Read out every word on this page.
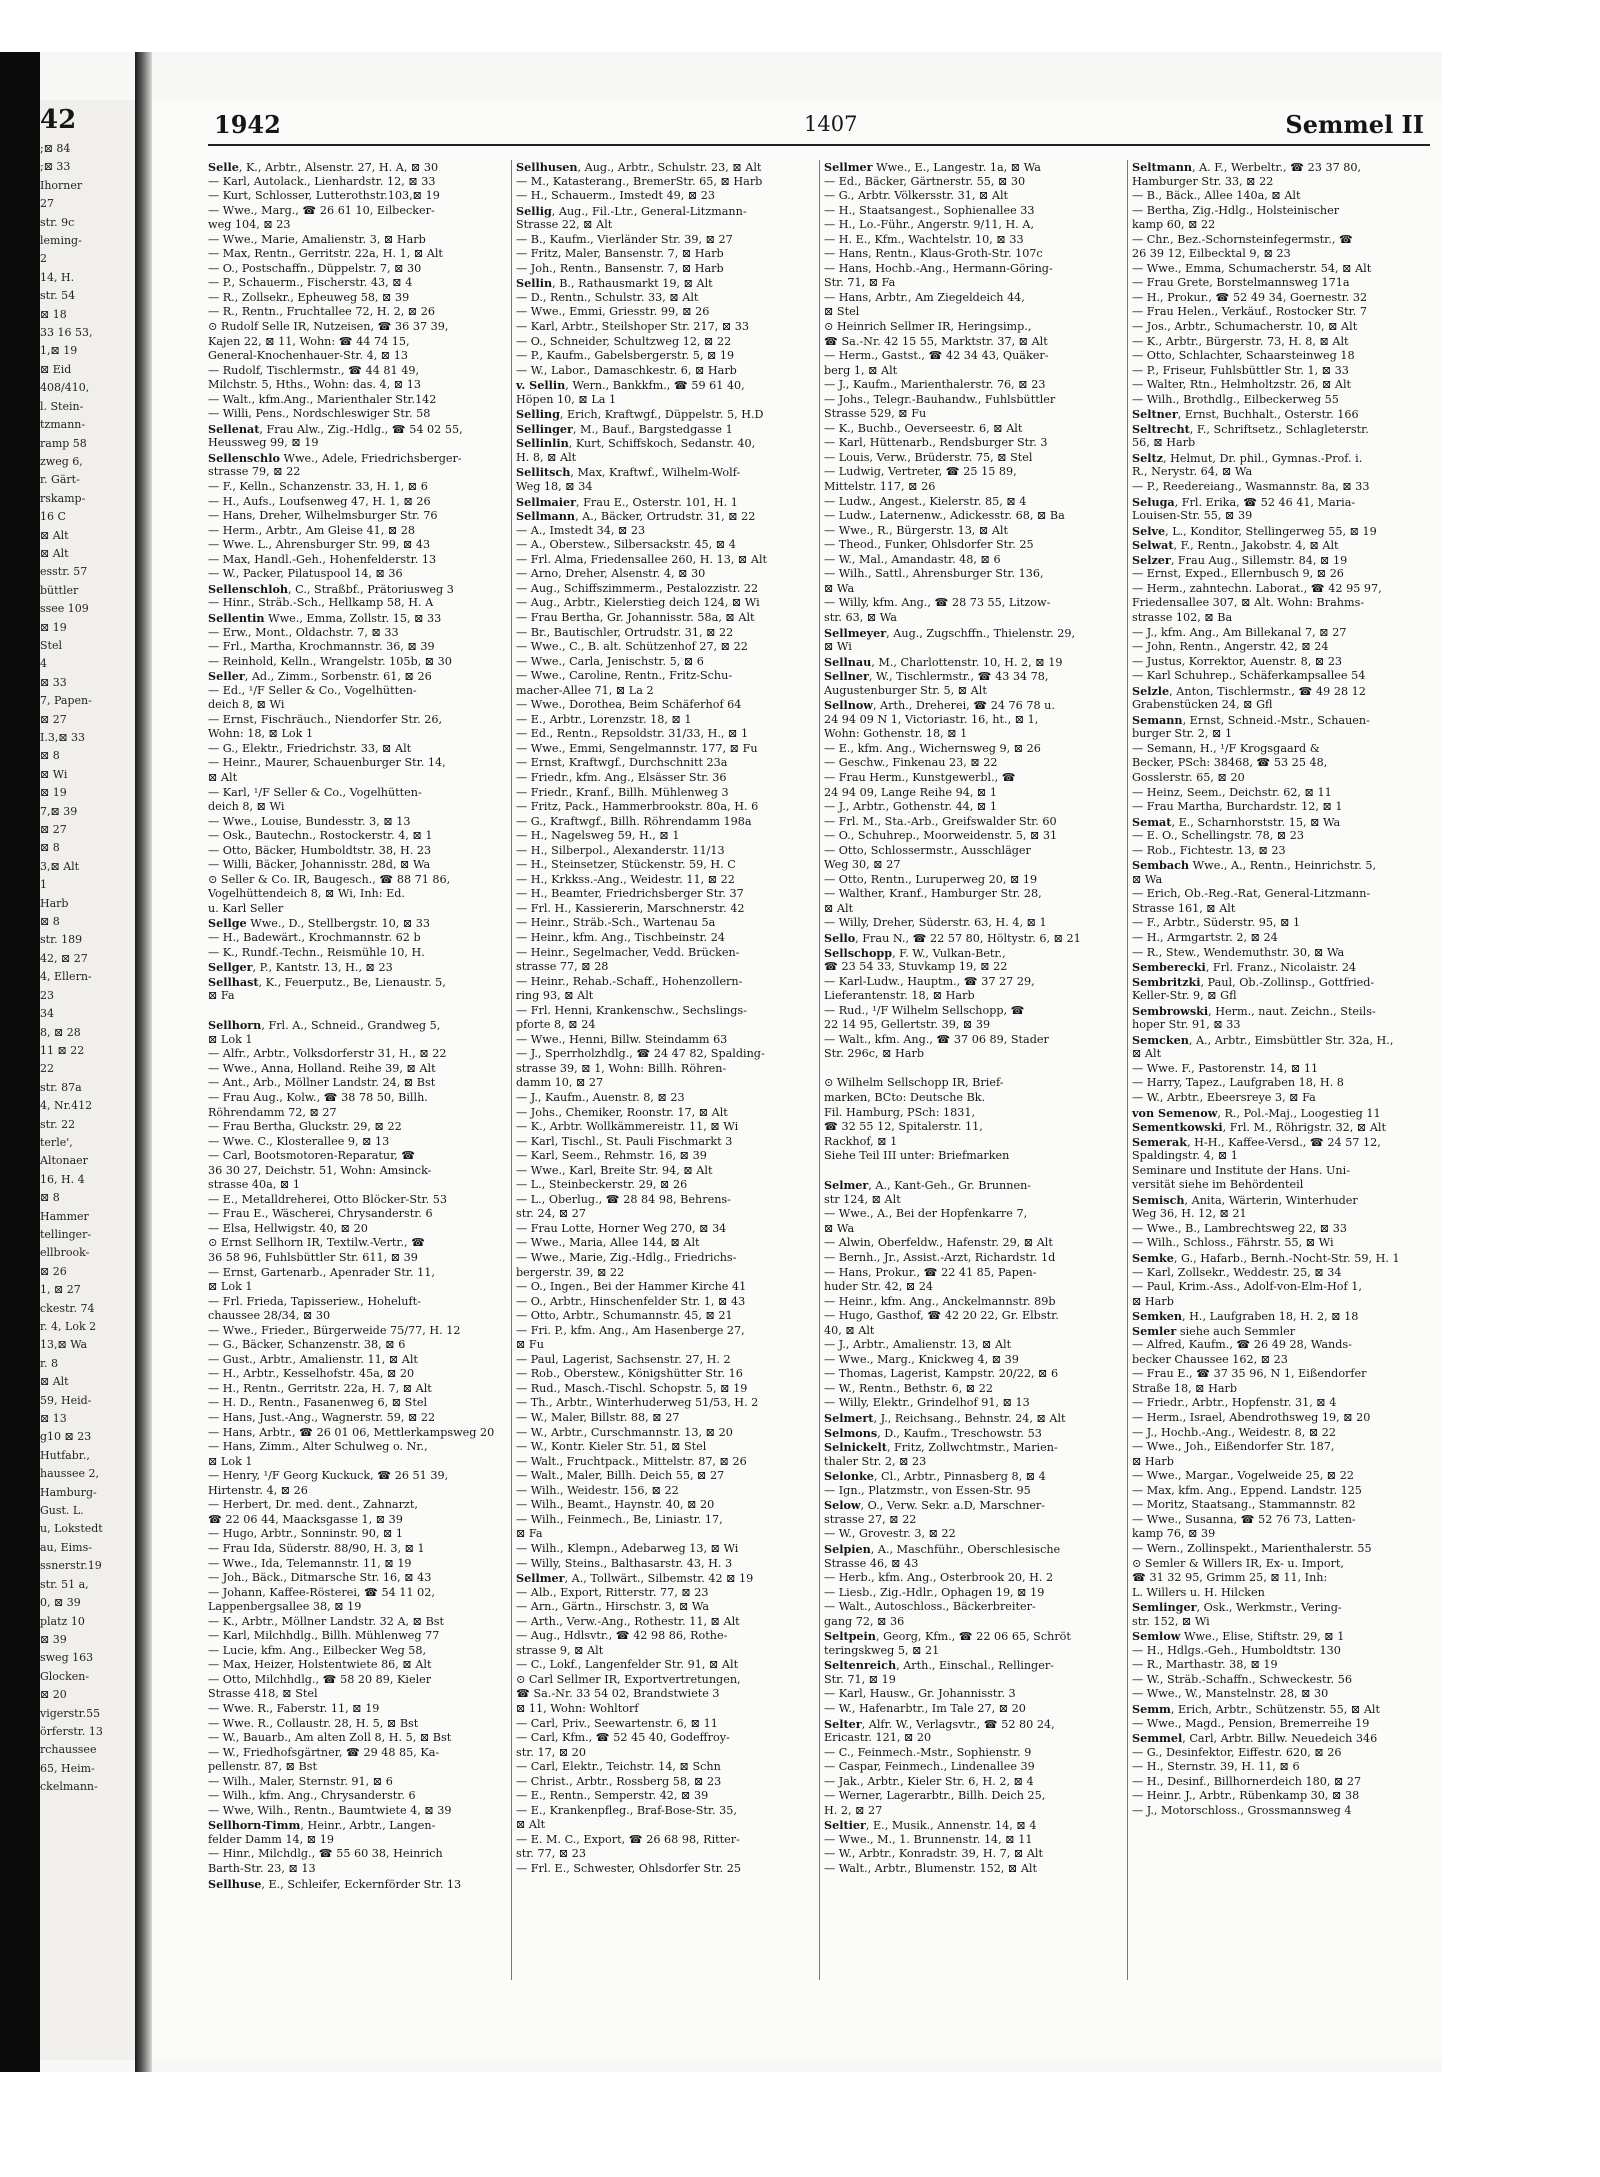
42
;⊠ 84
;⊠ 33
Ihorner
27
str. 9c
leming-
2
14, H.
str. 54
⊠ 18
33 16 53,
1,⊠ 19
⊠ Eid
408/410,
l. Stein-
tzmann-
ramp 58
zweg 6,
r. Gärt-
rskamp-
16 C
⊠ Alt
⊠ Alt
esstr. 57
büttler
ssee 109
⊠ 19
Stel
4
⊠ 33
7, Papen-
⊠ 27
I.3,⊠ 33
⊠ 8
⊠ Wi
⊠ 19
7,⊠ 39
⊠ 27
⊠ 8
3,⊠ Alt
1
Harb
⊠ 8
str. 189
42, ⊠ 27
4, Ellern-
23
34
8, ⊠ 28
11 ⊠ 22
22
str. 87a
4, Nr.412
str. 22
terle',
Altonaer
16, H. 4
⊠ 8
Hammer
tellinger-
ellbrook-
⊠ 26
1, ⊠ 27
ckestr. 74
r. 4, Lok 2
13,⊠ Wa
r. 8
⊠ Alt
59, Heid-
⊠ 13
g10 ⊠ 23
Hutfabr.,
haussee 2,
Hamburg-
Gust. L.
u, Lokstedt
au, Eims-
ssnerstr.19
str. 51 a,
0, ⊠ 39
platz 10
⊠ 39
sweg 163
Glocken-
⊠ 20
vigerstr.55
örferstr. 13
rchaussee
65, Heim-
ckelmann-
1942	1407	Semmel II
Selle, K., Arbtr., Alsenstr. 27, H. A, ⊠ 30
— Karl, Autolack., Lienhardstr. 12, ⊠ 33
— Kurt, Schlosser, Lutterothstr.103,⊠ 19
— Wwe., Marg., ☎ 26 61 10, Eilbecker-
weg 104, ⊠ 23
— Wwe., Marie, Amalienstr. 3, ⊠ Harb
— Max, Rentn., Gerritstr. 22a, H. 1, ⊠ Alt
— O., Postschaffn., Düppelstr. 7, ⊠ 30
— P., Schauerm., Fischerstr. 43, ⊠ 4
— R., Zollsekr., Epheuweg 58, ⊠ 39
— R., Rentn., Fruchtallee 72, H. 2, ⊠ 26
⊙ Rudolf Selle IR, Nutzeisen, ☎ 36 37 39,
Kajen 22, ⊠ 11, Wohn: ☎ 44 74 15,
General-Knochenhauer-Str. 4, ⊠ 13
— Rudolf, Tischlermstr., ☎ 44 81 49,
Milchstr. 5, Hths., Wohn: das. 4, ⊠ 13
— Walt., kfm.Ang., Marienthaler Str.142
— Willi, Pens., Nordschleswiger Str. 58
Sellenat, Frau Alw., Zig.-Hdlg., ☎ 54 02 55,
Heussweg 99, ⊠ 19
Sellenschlo Wwe., Adele, Friedrichsberger-
strasse 79, ⊠ 22
— F., Kelln., Schanzenstr. 33, H. 1, ⊠ 6
— H., Aufs., Loufsenweg 47, H. 1, ⊠ 26
— Hans, Dreher, Wilhelmsburger Str. 76
— Herm., Arbtr., Am Gleise 41, ⊠ 28
— Wwe. L., Ahrensburger Str. 99, ⊠ 43
— Max, Handl.-Geh., Hohenfelderstr. 13
— W., Packer, Pilatuspool 14, ⊠ 36
Sellenschloh, C., Straßbf., Prätoriusweg 3
— Hinr., Sträb.-Sch., Hellkamp 58, H. A
Sellentin Wwe., Emma, Zollstr. 15, ⊠ 33
— Erw., Mont., Oldachstr. 7, ⊠ 33
— Frl., Martha, Krochmannstr. 36, ⊠ 39
— Reinhold, Kelln., Wrangelstr. 105b, ⊠ 30
Seller, Ad., Zimm., Sorbenstr. 61, ⊠ 26
— Ed., ¹/F Seller & Co., Vogelhütten-
deich 8, ⊠ Wi
— Ernst, Fischräuch., Niendorfer Str. 26,
Wohn: 18, ⊠ Lok 1
— G., Elektr., Friedrichstr. 33, ⊠ Alt
— Heinr., Maurer, Schauenburger Str. 14,
⊠ Alt
— Karl, ¹/F Seller & Co., Vogelhütten-
deich 8, ⊠ Wi
— Wwe., Louise, Bundesstr. 3, ⊠ 13
— Osk., Bautechn., Rostockerstr. 4, ⊠ 1
— Otto, Bäcker, Humboldtstr. 38, H. 23
— Willi, Bäcker, Johannisstr. 28d, ⊠ Wa
⊙ Seller & Co. IR, Baugesch., ☎ 88 71 86,
Vogelhüttendeich 8, ⊠ Wi, Inh: Ed.
u. Karl Seller
Sellge Wwe., D., Stellbergstr. 10, ⊠ 33
— H., Badewärt., Krochmannstr. 62 b
— K., Rundf.-Techn., Reismühle 10, H.
Sellger, P., Kantstr. 13, H., ⊠ 23
Sellhast, K., Feuerputz., Be, Lienaustr. 5,
⊠ Fa
Sellhorn, Frl. A., Schneid., Grandweg 5,
⊠ Lok 1
— Alfr., Arbtr., Volksdorferstr 31, H., ⊠ 22
— Wwe., Anna, Holland. Reihe 39, ⊠ Alt
— Ant., Arb., Möllner Landstr. 24, ⊠ Bst
— Frau Aug., Kolw., ☎ 38 78 50, Billh.
Röhrendamm 72, ⊠ 27
— Frau Bertha, Gluckstr. 29, ⊠ 22
— Wwe. C., Klosterallee 9, ⊠ 13
— Carl, Bootsmotoren-Reparatur, ☎
36 30 27, Deichstr. 51, Wohn: Amsinck-
strasse 40a, ⊠ 1
— E., Metalldreherei, Otto Blöcker-Str. 53
— Frau E., Wäscherei, Chrysanderstr. 6
— Elsa, Hellwigstr. 40, ⊠ 20
⊙ Ernst Sellhorn IR, Textilw.-Vertr., ☎
36 58 96, Fuhlsbüttler Str. 611, ⊠ 39
— Ernst, Gartenarb., Apenrader Str. 11,
⊠ Lok 1
— Frl. Frieda, Tapisseriew., Hoheluft-
chaussee 28/34, ⊠ 30
— Wwe., Frieder., Bürgerweide 75/77, H. 12
— G., Bäcker, Schanzenstr. 38, ⊠ 6
— Gust., Arbtr., Amalienstr. 11, ⊠ Alt
— H., Arbtr., Kesselhofstr. 45a, ⊠ 20
— H., Rentn., Gerritstr. 22a, H. 7, ⊠ Alt
— H. D., Rentn., Fasanenweg 6, ⊠ Stel
— Hans, Just.-Ang., Wagnerstr. 59, ⊠ 22
— Hans, Arbtr., ☎ 26 01 06, Mettlerkampsweg 20
— Hans, Zimm., Alter Schulweg o. Nr.,
⊠ Lok 1
— Henry, ¹/F Georg Kuckuck, ☎ 26 51 39,
Hirtenstr. 4, ⊠ 26
— Herbert, Dr. med. dent., Zahnarzt,
☎ 22 06 44, Maacksgasse 1, ⊠ 39
— Hugo, Arbtr., Sonninstr. 90, ⊠ 1
— Frau Ida, Süderstr. 88/90, H. 3, ⊠ 1
— Wwe., Ida, Telemannstr. 11, ⊠ 19
— Joh., Bäck., Ditmarsche Str. 16, ⊠ 43
— Johann, Kaffee-Rösterei, ☎ 54 11 02,
Lappenbergsallee 38, ⊠ 19
— K., Arbtr., Möllner Landstr. 32 A, ⊠ Bst
— Karl, Milchhdlg., Billh. Mühlenweg 77
— Lucie, kfm. Ang., Eilbecker Weg 58,
— Max, Heizer, Holstentwiete 86, ⊠ Alt
— Otto, Milchhdlg., ☎ 58 20 89, Kieler
Strasse 418, ⊠ Stel
— Wwe. R., Faberstr. 11, ⊠ 19
— Wwe. R., Collaustr. 28, H. 5, ⊠ Bst
— W., Bauarb., Am alten Zoll 8, H. 5, ⊠ Bst
— W., Friedhofsgärtner, ☎ 29 48 85, Ka-
pellenstr. 87, ⊠ Bst
— Wilh., Maler, Sternstr. 91, ⊠ 6
— Wilh., kfm. Ang., Chrysanderstr. 6
— Wwe, Wilh., Rentn., Baumtwiete 4, ⊠ 39
Sellhorn-Timm, Heinr., Arbtr., Langen-
felder Damm 14, ⊠ 19
— Hinr., Milchdlg., ☎ 55 60 38, Heinrich
Barth-Str. 23, ⊠ 13
Sellhuse, E., Schleifer, Eckernförder Str. 13
Sellhusen, Aug., Arbtr., Schulstr. 23, ⊠ Alt
— M., Katasterang., BremerStr. 65, ⊠ Harb
— H., Schauerm., Imstedt 49, ⊠ 23
Sellig, Aug., Fil.-Ltr., General-Litzmann-
Strasse 22, ⊠ Alt
— B., Kaufm., Vierländer Str. 39, ⊠ 27
— Fritz, Maler, Bansenstr. 7, ⊠ Harb
— Joh., Rentn., Bansenstr. 7, ⊠ Harb
Sellin, B., Rathausmarkt 19, ⊠ Alt
— D., Rentn., Schulstr. 33, ⊠ Alt
— Wwe., Emmi, Griesstr. 99, ⊠ 26
— Karl, Arbtr., Steilshoper Str. 217, ⊠ 33
— O., Schneider, Schultzweg 12, ⊠ 22
— P., Kaufm., Gabelsbergerstr. 5, ⊠ 19
— W., Labor., Damaschkestr. 6, ⊠ Harb
v. Sellin, Wern., Bankkfm., ☎ 59 61 40,
Höpen 10, ⊠ La 1
Selling, Erich, Kraftwgf., Düppelstr. 5, H.D
Sellinger, M., Bauf., Bargstedgasse 1
Sellinlin, Kurt, Schiffskoch, Sedanstr. 40,
H. 8, ⊠ Alt
Sellitsch, Max, Kraftwf., Wilhelm-Wolf-
Weg 18, ⊠ 34
Sellmaier, Frau E., Osterstr. 101, H. 1
Sellmann, A., Bäcker, Ortrudstr. 31, ⊠ 22
— A., Imstedt 34, ⊠ 23
— A., Oberstew., Silbersackstr. 45, ⊠ 4
— Frl. Alma, Friedensallee 260, H. 13, ⊠ Alt
— Arno, Dreher, Alsenstr. 4, ⊠ 30
— Aug., Schiffszimmerm., Pestalozzistr. 22
— Aug., Arbtr., Kielerstieg deich 124, ⊠ Wi
— Frau Bertha, Gr. Johannisstr. 58a, ⊠ Alt
— Br., Bautischler, Ortrudstr. 31, ⊠ 22
— Wwe., C., B. alt. Schützenhof 27, ⊠ 22
— Wwe., Carla, Jenischstr. 5, ⊠ 6
— Wwe., Caroline, Rentn., Fritz-Schu-
macher-Allee 71, ⊠ La 2
— Wwe., Dorothea, Beim Schäferhof 64
— E., Arbtr., Lorenzstr. 18, ⊠ 1
— Ed., Rentn., Repsoldstr. 31/33, H., ⊠ 1
— Wwe., Emmi, Sengelmannstr. 177, ⊠ Fu
— Ernst, Kraftwgf., Durchschnitt 23a
— Friedr., kfm. Ang., Elsässer Str. 36
— Friedr., Kranf., Billh. Mühlenweg 3
— Fritz, Pack., Hammerbrookstr. 80a, H. 6
— G., Kraftwgf., Billh. Röhrendamm 198a
— H., Nagelsweg 59, H., ⊠ 1
— H., Silberpol., Alexanderstr. 11/13
— H., Steinsetzer, Stückenstr. 59, H. C
— H., Krkkss.-Ang., Weidestr. 11, ⊠ 22
— H., Beamter, Friedrichsberger Str. 37
— Frl. H., Kassiererin, Marschnerstr. 42
— Heinr., Sträb.-Sch., Wartenau 5a
— Heinr., kfm. Ang., Tischbeinstr. 24
— Heinr., Segelmacher, Vedd. Brücken-
strasse 77, ⊠ 28
— Heinr., Rehab.-Schaff., Hohenzollern-
ring 93, ⊠ Alt
— Frl. Henni, Krankenschw., Sechslings-
pforte 8, ⊠ 24
— Wwe., Henni, Billw. Steindamm 63
— J., Sperrholzhdlg., ☎ 24 47 82, Spalding-
strasse 39, ⊠ 1, Wohn: Billh. Röhren-
damm 10, ⊠ 27
— J., Kaufm., Auenstr. 8, ⊠ 23
— Johs., Chemiker, Roonstr. 17, ⊠ Alt
— K., Arbtr. Wollkämmereistr. 11, ⊠ Wi
— Karl, Tischl., St. Pauli Fischmarkt 3
— Karl, Seem., Rehmstr. 16, ⊠ 39
— Wwe., Karl, Breite Str. 94, ⊠ Alt
— L., Steinbeckerstr. 29, ⊠ 26
— L., Oberlug., ☎ 28 84 98, Behrens-
str. 24, ⊠ 27
— Frau Lotte, Horner Weg 270, ⊠ 34
— Wwe., Maria, Allee 144, ⊠ Alt
— Wwe., Marie, Zig.-Hdlg., Friedrichs-
bergerstr. 39, ⊠ 22
— O., Ingen., Bei der Hammer Kirche 41
— O., Arbtr., Hinschenfelder Str. 1, ⊠ 43
— Otto, Arbtr., Schumannstr. 45, ⊠ 21
— Fri. P., kfm. Ang., Am Hasenberge 27,
⊠ Fu
— Paul, Lagerist, Sachsenstr. 27, H. 2
— Rob., Oberstew., Königshütter Str. 16
— Rud., Masch.-Tischl. Schopstr. 5, ⊠ 19
— Th., Arbtr., Winterhuderweg 51/53, H. 2
— W., Maler, Billstr. 88, ⊠ 27
— W., Arbtr., Curschmannstr. 13, ⊠ 20
— W., Kontr. Kieler Str. 51, ⊠ Stel
— Walt., Fruchtpack., Mittelstr. 87, ⊠ 26
— Walt., Maler, Billh. Deich 55, ⊠ 27
— Wilh., Weidestr. 156, ⊠ 22
— Wilh., Beamt., Haynstr. 40, ⊠ 20
— Wilh., Feinmech., Be, Liniastr. 17,
⊠ Fa
— Wilh., Klempn., Adebarweg 13, ⊠ Wi
— Willy, Steins., Balthasarstr. 43, H. 3
Sellmer, A., Tollwärt., Silbemstr. 42 ⊠ 19
— Alb., Export, Ritterstr. 77, ⊠ 23
— Arn., Gärtn., Hirschstr. 3, ⊠ Wa
— Arth., Verw.-Ang., Rothestr. 11, ⊠ Alt
— Aug., Hdlsvtr., ☎ 42 98 86, Rothe-
strasse 9, ⊠ Alt
— C., Lokf., Langenfelder Str. 91, ⊠ Alt
⊙ Carl Sellmer IR, Exportvertretungen,
☎ Sa.-Nr. 33 54 02, Brandstwiete 3
⊠ 11, Wohn: Wohltorf
— Carl, Priv., Seewartenstr. 6, ⊠ 11
— Carl, Kfm., ☎ 52 45 40, Godeffroy-
str. 17, ⊠ 20
— Carl, Elektr., Teichstr. 14, ⊠ Schn
— Christ., Arbtr., Rossberg 58, ⊠ 23
— E., Rentn., Semperstr. 42, ⊠ 39
— E., Krankenpfleg., Braf-Bose-Str. 35,
⊠ Alt
— E. M. C., Export, ☎ 26 68 98, Ritter-
str. 77, ⊠ 23
— Frl. E., Schwester, Ohlsdorfer Str. 25
Sellmer Wwe., E., Langestr. 1a, ⊠ Wa
— Ed., Bäcker, Gärtnerstr. 55, ⊠ 30
— G., Arbtr. Völkersstr. 31, ⊠ Alt
— H., Staatsangest., Sophienallee 33
— H., Lo.-Führ., Angerstr. 9/11, H. A,
— H. E., Kfm., Wachtelstr. 10, ⊠ 33
— Hans, Rentn., Klaus-Groth-Str. 107c
— Hans, Hochb.-Ang., Hermann-Göring-
Str. 71, ⊠ Fa
— Hans, Arbtr., Am Ziegeldeich 44,
⊠ Stel
⊙ Heinrich Sellmer IR, Heringsimp.,
☎ Sa.-Nr. 42 15 55, Marktstr. 37, ⊠ Alt
— Herm., Gastst., ☎ 42 34 43, Quäker-
berg 1, ⊠ Alt
— J., Kaufm., Marienthalerstr. 76, ⊠ 23
— Johs., Telegr.-Bauhandw., Fuhlsbüttler
Strasse 529, ⊠ Fu
— K., Buchb., Oeverseestr. 6, ⊠ Alt
— Karl, Hüttenarb., Rendsburger Str. 3
— Louis, Verw., Brüderstr. 75, ⊠ Stel
— Ludwig, Vertreter, ☎ 25 15 89,
Mittelstr. 117, ⊠ 26
— Ludw., Angest., Kielerstr. 85, ⊠ 4
— Ludw., Laternenw., Adickesstr. 68, ⊠ Ba
— Wwe., R., Bürgerstr. 13, ⊠ Alt
— Theod., Funker, Ohlsdorfer Str. 25
— W., Mal., Amandastr. 48, ⊠ 6
— Wilh., Sattl., Ahrensburger Str. 136,
⊠ Wa
— Willy, kfm. Ang., ☎ 28 73 55, Litzow-
str. 63, ⊠ Wa
Sellmeyer, Aug., Zugschffn., Thielenstr. 29,
⊠ Wi
Sellnau, M., Charlottenstr. 10, H. 2, ⊠ 19
Sellner, W., Tischlermstr., ☎ 43 34 78,
Augustenburger Str. 5, ⊠ Alt
Sellnow, Arth., Dreherei, ☎ 24 76 78 u.
24 94 09 N 1, Victoriastr. 16, ht., ⊠ 1,
Wohn: Gothenstr. 18, ⊠ 1
— E., kfm. Ang., Wichernsweg 9, ⊠ 26
— Geschw., Finkenau 23, ⊠ 22
— Frau Herm., Kunstgewerbl., ☎
24 94 09, Lange Reihe 94, ⊠ 1
— J., Arbtr., Gothenstr. 44, ⊠ 1
— Frl. M., Sta.-Arb., Greifswalder Str. 60
— O., Schuhrep., Moorweidenstr. 5, ⊠ 31
— Otto, Schlossermstr., Ausschläger
Weg 30, ⊠ 27
— Otto, Rentn., Luruperweg 20, ⊠ 19
— Walther, Kranf., Hamburger Str. 28,
⊠ Alt
— Willy, Dreher, Süderstr. 63, H. 4, ⊠ 1
Sello, Frau N., ☎ 22 57 80, Höltystr. 6, ⊠ 21
Sellschopp, F. W., Vulkan-Betr.,
☎ 23 54 33, Stuvkamp 19, ⊠ 22
— Karl-Ludw., Hauptm., ☎ 37 27 29,
Lieferantenstr. 18, ⊠ Harb
— Rud., ¹/F Wilhelm Sellschopp, ☎
22 14 95, Gellertstr. 39, ⊠ 39
— Walt., kfm. Ang., ☎ 37 06 89, Stader
Str. 296c, ⊠ Harb
⊙ Wilhelm Sellschopp IR, Brief-
marken, BCto: Deutsche Bk.
Fil. Hamburg, PSch: 1831,
☎ 32 55 12, Spitalerstr. 11,
Rackhof, ⊠ 1
Siehe Teil III unter: Briefmarken
Selmer, A., Kant-Geh., Gr. Brunnen-
str 124, ⊠ Alt
— Wwe., A., Bei der Hopfenkarre 7,
⊠ Wa
— Alwin, Oberfeldw., Hafenstr. 29, ⊠ Alt
— Bernh., Jr., Assist.-Arzt, Richardstr. 1d
— Hans, Prokur., ☎ 22 41 85, Papen-
huder Str. 42, ⊠ 24
— Heinr., kfm. Ang., Anckelmannstr. 89b
— Hugo, Gasthof, ☎ 42 20 22, Gr. Elbstr.
40, ⊠ Alt
— J., Arbtr., Amalienstr. 13, ⊠ Alt
— Wwe., Marg., Knickweg 4, ⊠ 39
— Thomas, Lagerist, Kampstr. 20/22, ⊠ 6
— W., Rentn., Bethstr. 6, ⊠ 22
— Willy, Elektr., Grindelhof 91, ⊠ 13
Selmert, J., Reichsang., Behnstr. 24, ⊠ Alt
Selmons, D., Kaufm., Treschowstr. 53
Selnickelt, Fritz, Zollwchtmstr., Marien-
thaler Str. 2, ⊠ 23
Selonke, Cl., Arbtr., Pinnasberg 8, ⊠ 4
— Ign., Platzmstr., von Essen-Str. 95
Selow, O., Verw. Sekr. a.D, Marschner-
strasse 27, ⊠ 22
— W., Grovestr. 3, ⊠ 22
Selpien, A., Maschführ., Oberschlesische
Strasse 46, ⊠ 43
— Herb., kfm. Ang., Osterbrook 20, H. 2
— Liesb., Zig.-Hdlr., Ophagen 19, ⊠ 19
— Walt., Autoschloss., Bäckerbreiter-
gang 72, ⊠ 36
Seltpein, Georg, Kfm., ☎ 22 06 65, Schröt
teringskweg 5, ⊠ 21
Seltenreich, Arth., Einschal., Rellinger-
Str. 71, ⊠ 19
— Karl, Hausw., Gr. Johannisstr. 3
— W., Hafenarbtr., Im Tale 27, ⊠ 20
Selter, Alfr. W., Verlagsvtr., ☎ 52 80 24,
Ericastr. 121, ⊠ 20
— C., Feinmech.-Mstr., Sophienstr. 9
— Caspar, Feinmech., Lindenallee 39
— Jak., Arbtr., Kieler Str. 6, H. 2, ⊠ 4
— Werner, Lagerarbtr., Billh. Deich 25,
H. 2, ⊠ 27
Seltier, E., Musik., Annenstr. 14, ⊠ 4
— Wwe., M., 1. Brunnenstr. 14, ⊠ 11
— W., Arbtr., Konradstr. 39, H. 7, ⊠ Alt
— Walt., Arbtr., Blumenstr. 152, ⊠ Alt
Seltmann, A. F., Werbeltr., ☎ 23 37 80,
Hamburger Str. 33, ⊠ 22
— B., Bäck., Allee 140a, ⊠ Alt
— Bertha, Zig.-Hdlg., Holsteinischer
kamp 60, ⊠ 22
— Chr., Bez.-Schornsteinfegermstr., ☎
26 39 12, Eilbecktal 9, ⊠ 23
— Wwe., Emma, Schumacherstr. 54, ⊠ Alt
— Frau Grete, Borstelmannsweg 171a
— H., Prokur., ☎ 52 49 34, Goernestr. 32
— Frau Helen., Verkäuf., Rostocker Str. 7
— Jos., Arbtr., Schumacherstr. 10, ⊠ Alt
— K., Arbtr., Bürgerstr. 73, H. 8, ⊠ Alt
— Otto, Schlachter, Schaarsteinweg 18
— P., Friseur, Fuhlsbüttler Str. 1, ⊠ 33
— Walter, Rtn., Helmholtzstr. 26, ⊠ Alt
— Wilh., Brothdlg., Eilbeckerweg 55
Seltner, Ernst, Buchhalt., Osterstr. 166
Seltrecht, F., Schriftsetz., Schlagleterstr.
56, ⊠ Harb
Seltz, Helmut, Dr. phil., Gymnas.-Prof. i.
R., Nerystr. 64, ⊠ Wa
— P., Reedereiang., Wasmannstr. 8a, ⊠ 33
Seluga, Frl. Erika, ☎ 52 46 41, Maria-
Louisen-Str. 55, ⊠ 39
Selve, L., Konditor, Stellingerweg 55, ⊠ 19
Selwat, F., Rentn., Jakobstr. 4, ⊠ Alt
Selzer, Frau Aug., Sillemstr. 84, ⊠ 19
— Ernst, Exped., Ellernbusch 9, ⊠ 26
— Herm., zahntechn. Laborat., ☎ 42 95 97,
Friedensallee 307, ⊠ Alt. Wohn: Brahms-
strasse 102, ⊠ Ba
— J., kfm. Ang., Am Billekanal 7, ⊠ 27
— John, Rentn., Angerstr. 42, ⊠ 24
— Justus, Korrektor, Auenstr. 8, ⊠ 23
— Karl Schuhrep., Schäferkampsallee 54
Selzle, Anton, Tischlermstr., ☎ 49 28 12
Grabenstücken 24, ⊠ Gfl
Semann, Ernst, Schneid.-Mstr., Schauen-
burger Str. 2, ⊠ 1
— Semann, H., ¹/F Krogsgaard &
Becker, PSch: 38468, ☎ 53 25 48,
Gosslerstr. 65, ⊠ 20
— Heinz, Seem., Deichstr. 62, ⊠ 11
— Frau Martha, Burchardstr. 12, ⊠ 1
Semat, E., Scharnhorststr. 15, ⊠ Wa
— E. O., Schellingstr. 78, ⊠ 23
— Rob., Fichtestr. 13, ⊠ 23
Sembach Wwe., A., Rentn., Heinrichstr. 5,
⊠ Wa
— Erich, Ob.-Reg.-Rat, General-Litzmann-
Strasse 161, ⊠ Alt
— F., Arbtr., Süderstr. 95, ⊠ 1
— H., Armgartstr. 2, ⊠ 24
— R., Stew., Wendemuthstr. 30, ⊠ Wa
Semberecki, Frl. Franz., Nicolaistr. 24
Sembritzki, Paul, Ob.-Zollinsp., Gottfried-
Keller-Str. 9, ⊠ Gfl
Sembrowski, Herm., naut. Zeichn., Steils-
hoper Str. 91, ⊠ 33
Semcken, A., Arbtr., Eimsbüttler Str. 32a, H.,
⊠ Alt
— Wwe. F., Pastorenstr. 14, ⊠ 11
— Harry, Tapez., Laufgraben 18, H. 8
— W., Arbtr., Ebeersreye 3, ⊠ Fa
von Semenow, R., Pol.-Maj., Loogestieg 11
Sementkowski, Frl. M., Röhrigstr. 32, ⊠ Alt
Semerak, H-H., Kaffee-Versd., ☎ 24 57 12,
Spaldingstr. 4, ⊠ 1
Seminare und Institute der Hans. Uni-
versität siehe im Behördenteil
Semisch, Anita, Wärterin, Winterhuder
Weg 36, H. 12, ⊠ 21
— Wwe., B., Lambrechtsweg 22, ⊠ 33
— Wilh., Schloss., Fährstr. 55, ⊠ Wi
Semke, G., Hafarb., Bernh.-Nocht-Str. 59, H. 1
— Karl, Zollsekr., Weddestr. 25, ⊠ 34
— Paul, Krim.-Ass., Adolf-von-Elm-Hof 1,
⊠ Harb
Semken, H., Laufgraben 18, H. 2, ⊠ 18
Semler siehe auch Semmler
— Alfred, Kaufm., ☎ 26 49 28, Wands-
becker Chaussee 162, ⊠ 23
— Frau E., ☎ 37 35 96, N 1, Eißendorfer
Straße 18, ⊠ Harb
— Friedr., Arbtr., Hopfenstr. 31, ⊠ 4
— Herm., Israel, Abendrothsweg 19, ⊠ 20
— J., Hochb.-Ang., Weidestr. 8, ⊠ 22
— Wwe., Joh., Eißendorfer Str. 187,
⊠ Harb
— Wwe., Margar., Vogelweide 25, ⊠ 22
— Max, kfm. Ang., Eppend. Landstr. 125
— Moritz, Staatsang., Stammannstr. 82
— Wwe., Susanna, ☎ 52 76 73, Latten-
kamp 76, ⊠ 39
— Wern., Zollinspekt., Marienthalerstr. 55
⊙ Semler & Willers IR, Ex- u. Import,
☎ 31 32 95, Grimm 25, ⊠ 11, Inh:
L. Willers u. H. Hilcken
Semlinger, Osk., Werkmstr., Vering-
str. 152, ⊠ Wi
Semlow Wwe., Elise, Stiftstr. 29, ⊠ 1
— H., Hdlgs.-Geh., Humboldtstr. 130
— R., Marthastr. 38, ⊠ 19
— W., Sträb.-Schaffn., Schweckestr. 56
— Wwe., W., Manstelnstr. 28, ⊠ 30
Semm, Erich, Arbtr., Schützenstr. 55, ⊠ Alt
— Wwe., Magd., Pension, Bremerreihe 19
Semmel, Carl, Arbtr. Billw. Neuedeich 346
— G., Desinfektor, Eiffestr. 620, ⊠ 26
— H., Sternstr. 39, H. 11, ⊠ 6
— H., Desinf., Billhornerdeich 180, ⊠ 27
— Heinr. J., Arbtr., Rübenkamp 30, ⊠ 38
— J., Motorschloss., Grossmannsweg 4
